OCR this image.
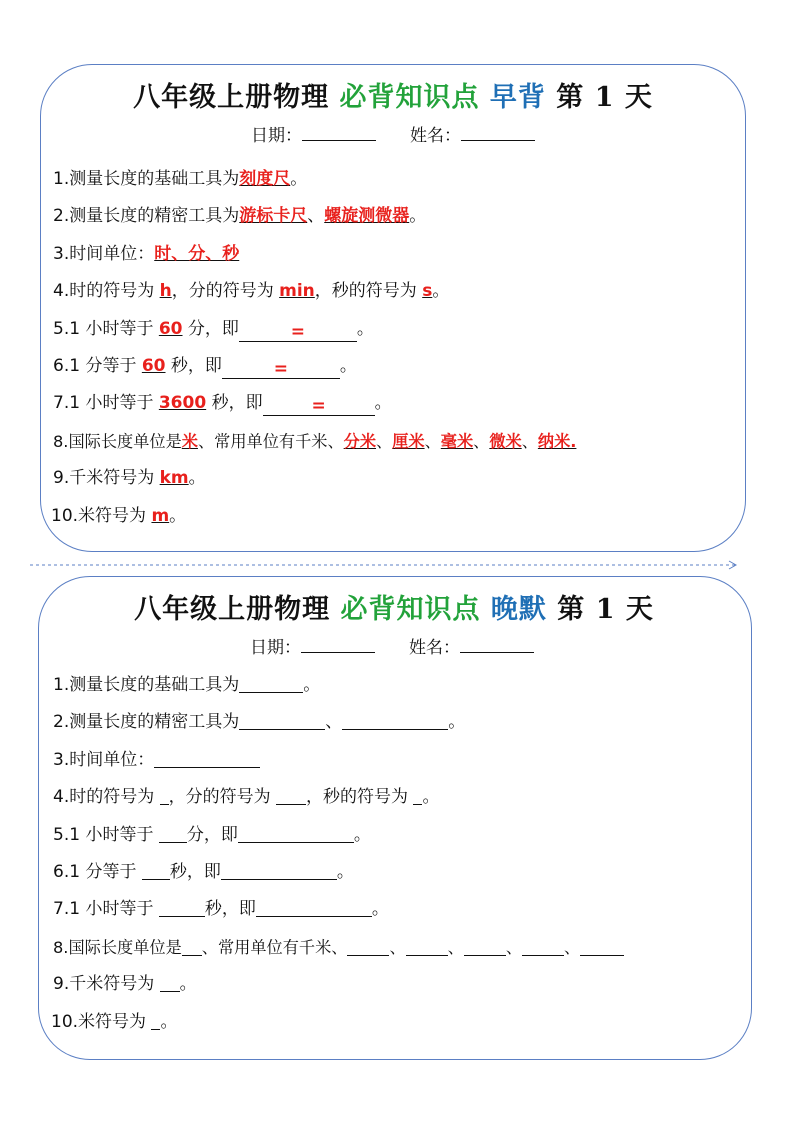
八年级上册物理 必背知识点 早背 第 1 天
日期：	姓名：
1.测量长度的基础工具为刻度尺。
2.测量长度的精密工具为游标卡尺、螺旋测微器。
3.时间单位：时、分、秒
4.时的符号为 h，分的符号为 min，秒的符号为 s。
5.1 小时等于 60 分，即	=	。
6.1 分等于 60 秒，即	=	。
7.1 小时等于 3600 秒，即	=	。
8.国际长度单位是米、常用单位有千米、分米、厘米、毫米、微米、纳米.
9.千米符号为 km。
10.米符号为 m。
八年级上册物理 必背知识点 晚默 第 1 天
日期：	姓名：
1.测量长度的基础工具为	。
2.测量长度的精密工具为	、	。
3.时间单位：
4.时的符号为 ，分的符号为 ，秒的符号为 。
5.1 小时等于 分，即	。
6.1 分等于 秒，即	。
7.1 小时等于	秒，即	。
8.国际长度单位是 、常用单位有千米、	、	、	、	、
9.千米符号为 。
10.米符号为 。
